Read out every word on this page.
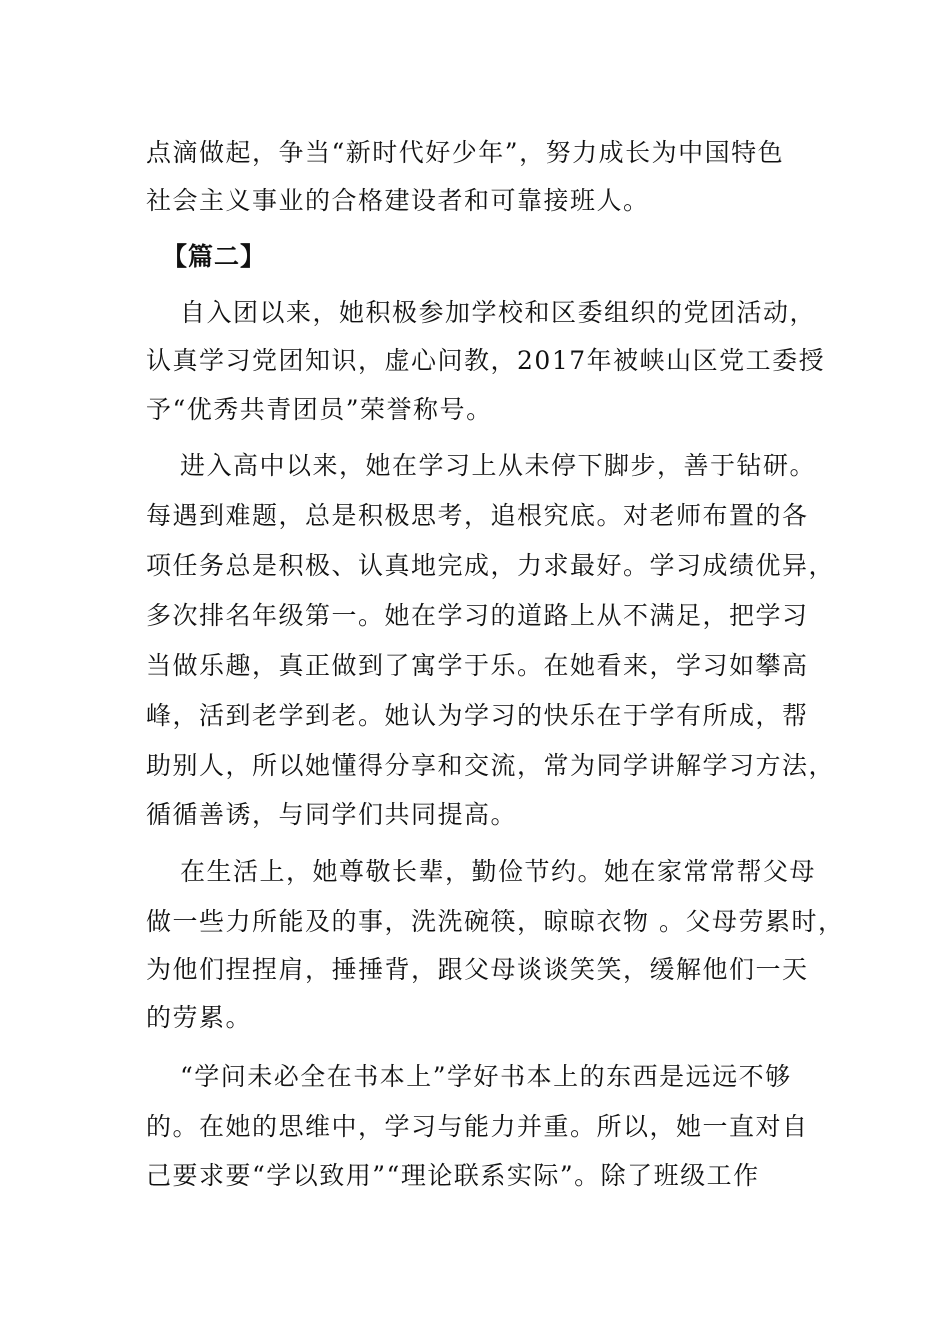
点滴做起，争当“新时代好少年”，努力成长为中国特色
社会主义事业的合格建设者和可靠接班人。
【篇二】
自入团以来，她积极参加学校和区委组织的党团活动，
认真学习党团知识，虚心问教，2017年被峡山区党工委授
予“优秀共青团员”荣誉称号。
进入高中以来，她在学习上从未停下脚步，善于钻研。
每遇到难题，总是积极思考，追根究底。对老师布置的各
项任务总是积极、认真地完成，力求最好。学习成绩优异，
多次排名年级第一。她在学习的道路上从不满足，把学习
当做乐趣，真正做到了寓学于乐。在她看来，学习如攀高
峰，活到老学到老。她认为学习的快乐在于学有所成，帮
助别人，所以她懂得分享和交流，常为同学讲解学习方法，
循循善诱，与同学们共同提高。
在生活上，她尊敬长辈，勤俭节约。她在家常常帮父母
做一些力所能及的事，洗洗碗筷，晾晾衣物 。父母劳累时，
为他们捏捏肩，捶捶背，跟父母谈谈笑笑，缓解他们一天
的劳累。
“学问未必全在书本上”学好书本上的东西是远远不够
的。在她的思维中，学习与能力并重。所以，她一直对自
己要求要“学以致用”“理论联系实际”。除了班级工作
